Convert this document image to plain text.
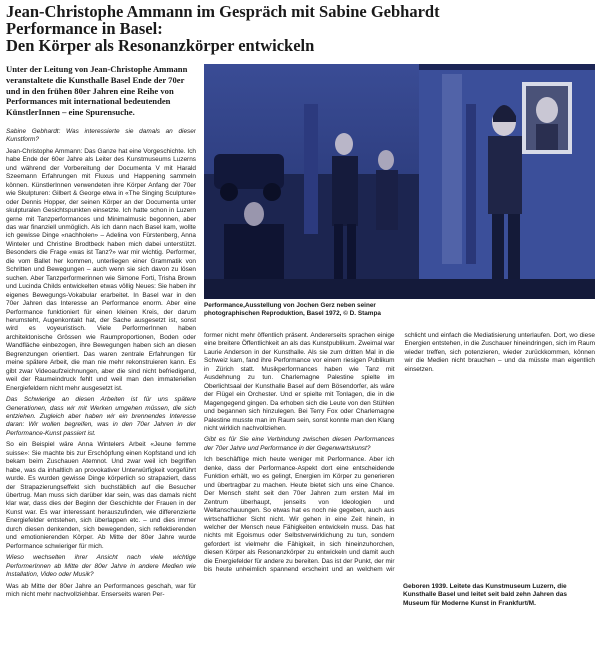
Jean-Christophe Ammann im Gespräch mit Sabine Gebhardt
Performance in Basel:
Den Körper als Resonanzkörper entwickeln

Unter der Leitung von Jean-Christophe Ammann veranstaltete die Kunsthalle Basel Ende der 70er und in den frühen 80er Jahren eine Reihe von Performances mit international bedeutenden KünstlerInnen – eine Spurensuche.

Sabine Gebhardt: Was interessierte sie damals an dieser Kunstform?

Jean-Christophe Ammann: Das Ganze hat eine Vorgeschichte. Ich habe Ende der 60er Jahre als Leiter des Kunstmuseums Luzerns und während der Vorbereitung der Documenta V mit Harald Szeemann Erfahrungen mit Fluxus und Happening sammeln können. KünstlerInnen verwendeten ihre Körper Anfang der 70er wie Skulpturen: Gilbert & George etwa in «The Singing Sculpture» oder Dennis Hopper, der seinen Körper an der Documenta unter skulpturalen Gesichtspunkten einsetzte. Ich hatte schon in Luzern gerne mit Tanzperformances und Minimalmusic begonnen, aber das war finanziell unmöglich. Als ich dann nach Basel kam, wollte ich gewisse Dinge «nachholen» – Adelina von Fürstenberg, Anna Winteler und Christine Brodtbeck haben mich dabei unterstützt. Besonders die Frage «was ist Tanz?» war mir wichtig. Performer, die vom Ballet her kommen, unterliegen einer Grammatik von Schritten und Bewegungen – auch wenn sie sich davon zu lösen suchen. Aber Tanzperformerinnen wie Simone Forti, Trisha Brown und Lucinda Childs entwickelten etwas völlig Neues: Sie haben ihr eigenes Bewegungs-Vokabular erarbeitet. In Basel war in den 70er Jahren das Interesse an Performance enorm. Aber eine Performance funktioniert für einen kleinen Kreis, der darum herumsteht, Augenkontakt hat, der Sache ausgesetzt ist, sonst wird es voyeuristisch. Viele PerformerInnen haben architektonische Grössen wie Raumproportionen, Boden oder Wandfläche einbezogen, ihre Bewegungen haben sich an diesen Begrenzungen orientiert. Das waren zentrale Erfahrungen für meine spätere Arbeit, die man nie mehr rekonstruieren kann. Es gibt zwar Videoaufzeichnungen, aber die sind nicht befriedigend, weil der Raumeindruck fehlt und weil man den immateriellen Energiefeldern nicht mehr ausgesetzt ist.

Das Schwierige an diesen Arbeiten ist für uns spätere Generationen, dass wir mit Werken umgehen müssen, die sich entziehen. Zugleich aber haben wir ein brennendes Interesse daran: Wir wollen begreifen, was in den 70er Jahren in der Performance-Kunst passiert ist.

So ein Beispiel wäre Anna Wintelers Arbeit «Jeune femme suisse»: Sie machte bis zur Erschöpfung einen Kopfstand und ich bekam beim Zuschauen Atemnot. Und zwar weil ich begriffen habe, was da inhaltlich an provokativer Unterwürfigkeit vorgeführt wurde. Es wurden gewisse Dinge körperlich so strapaziert, dass der Strapazierungseffekt sich buchstäblich auf die Besucher übertrug. Man muss sich darüber klar sein, was das damals nicht klar war, dass dies der Beginn der Geschichte der Frauen in der Kunst war. Es war interessant herauszufinden, wie differenzierte Energiefelder entstehen, sich überlappen etc. – und dies immer durch diesen denkenden, sich bewegenden, sich reflektierenden und emotionierenden Körper. Ab Mitte der 80er Jahre wurde Performance schwieriger für mich.

Wieso wechselten ihrer Ansicht nach viele wichtige PerformerInnen ab Mitte der 80er Jahre in andere Medien wie Installation, Video oder Musik?

Was ab Mitte der 80er Jahre an Performances geschah, war für mich nicht mehr nachvollziehbar. Enserseits waren Per-

Performance,Ausstellung von Jochen Gerz neben seiner
photographischen Reproduktion, Basel 1972, © D. Stampa

former nicht mehr öffentlich präsent. Andererseits sprachen einige eine breitere Öffentlichkeit an als das Kunstpublikum. Zweimal war Laurie Anderson in der Kunsthalle. Als sie zum dritten Mal in die Schweiz kam, fand ihre Performance vor einem riesigen Publikum in Zürich statt. Musikperformances haben wie Tanz mit Ausdehnung zu tun. Charlemagne Palestine spielte im Oberlichtsaal der Kunsthalle Basel auf dem Bösendorfer, als wäre der Flügel ein Orchester. Und er spielte mit Tonlagen, die in die Magengegend gingen. Da erhoben sich die Leute von den Stühlen und begannen sich hinzulegen. Bei Terry Fox oder Charlemagne Palestine musste man im Raum sein, sonst konnte man den Klang nicht wirklich nachvollziehen.

Gibt es für Sie eine Verbindung zwischen diesen Performances der 70er Jahre und Performance in der Gegenwartskunst?

Ich beschäftige mich heute weniger mit Performance. Aber ich denke, dass der Performance-Aspekt dort eine entscheidende Funktion erhält, wo es gelingt, Energien im Körper zu generieren und übertragbar zu machen. Heute bietet sich uns eine Chance. Der Mensch steht seit den 70er Jahren zum ersten Mal im Zentrum überhaupt, jenseits von Ideologien und Weltanschauungen. So etwas hat es noch nie gegeben, auch aus wirtschaftlicher Sicht nicht. Wir gehen in eine Zeit hinein, in welcher der Mensch neue Fähigkeiten entwickeln muss. Das hat nichts mit Egoismus oder Selbstverwirklichung zu tun, sondern gefordert ist vielmehr die Fähigkeit, in sich hineinzuhorchen, diesen Körper als Resonanzkörper zu entwickeln und damit auch die Energiefelder für andere zu bereiten. Das ist der Punkt, der mir bis heute unheimlich spannend erscheint und an welchem wir schlicht und einfach die Mediatisierung unterlaufen. Dort, wo diese Energien entstehen, in die Zuschauer hineindringen, sich im Raum wieder treffen, sich potenzieren, wieder zurückkommen, können wir die Medien nicht brauchen – und da müsste man eigentlich einsetzen.

Geboren 1939. Leitete das Kunstmuseum Luzern, die Kunsthalle Basel und leitet seit bald zehn Jahren das Museum für Moderne Kunst in Frankfurt/M.
